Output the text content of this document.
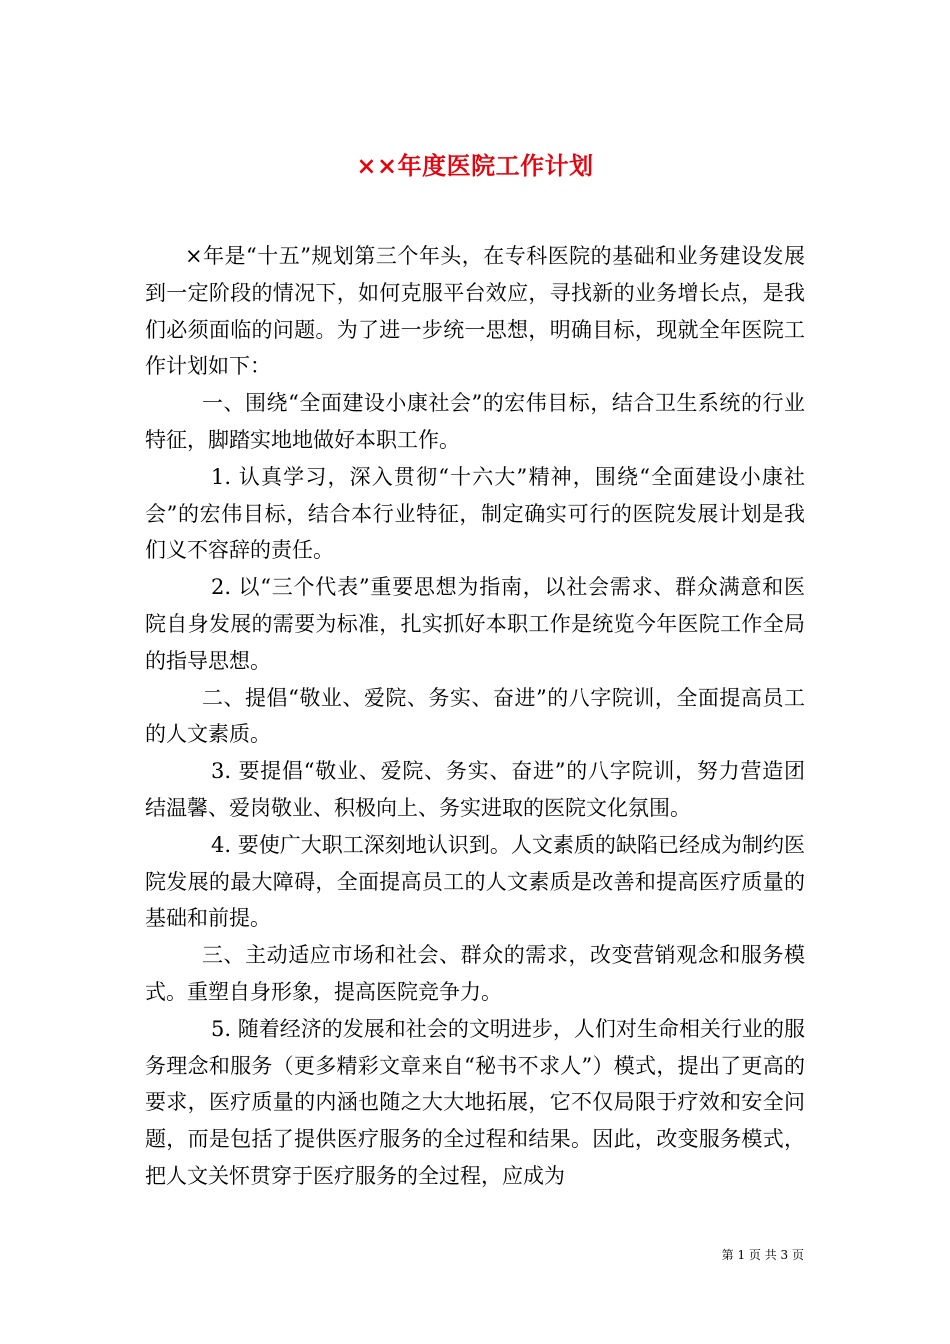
××年度医院工作计划

×年是“十五”规划第三个年头，在专科医院的基础和业务建设发展到一定阶段的情况下，如何克服平台效应，寻找新的业务增长点，是我们必须面临的问题。为了进一步统一思想，明确目标，现就全年医院工作计划如下：

一、围绕“全面建设小康社会”的宏伟目标，结合卫生系统的行业特征，脚踏实地地做好本职工作。

1. 认真学习，深入贯彻“十六大”精神，围绕“全面建设小康社会”的宏伟目标，结合本行业特征，制定确实可行的医院发展计划是我们义不容辞的责任。

2. 以“三个代表”重要思想为指南，以社会需求、群众满意和医院自身发展的需要为标准，扎实抓好本职工作是统览今年医院工作全局的指导思想。

二、提倡“敬业、爱院、务实、奋进”的八字院训，全面提高员工的人文素质。

3. 要提倡“敬业、爱院、务实、奋进”的八字院训，努力营造团结温馨、爱岗敬业、积极向上、务实进取的医院文化氛围。

4. 要使广大职工深刻地认识到。人文素质的缺陷已经成为制约医院发展的最大障碍，全面提高员工的人文素质是改善和提高医疗质量的基础和前提。

三、主动适应市场和社会、群众的需求，改变营销观念和服务模式。重塑自身形象，提高医院竞争力。

5. 随着经济的发展和社会的文明进步，人们对生命相关行业的服务理念和服务（更多精彩文章来自“秘书不求人”）模式，提出了更高的要求，医疗质量的内涵也随之大大地拓展，它不仅局限于疗效和安全问题，而是包括了提供医疗服务的全过程和结果。因此，改变服务模式，把人文关怀贯穿于医疗服务的全过程，应成为

第 1 页 共 3 页
